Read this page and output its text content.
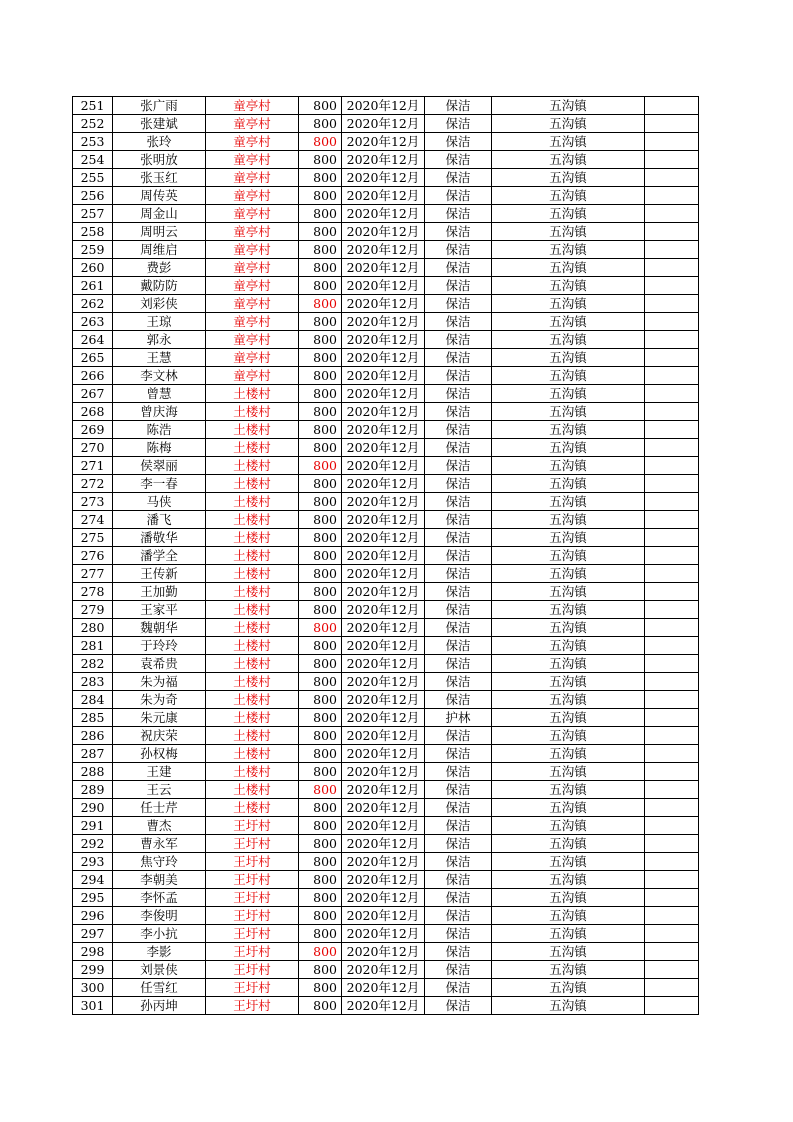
251	张广雨	童亭村	800	2020年12月	保洁	五沟镇	
252	张建斌	童亭村	800	2020年12月	保洁	五沟镇	
253	张玲	童亭村	800	2020年12月	保洁	五沟镇	
254	张明放	童亭村	800	2020年12月	保洁	五沟镇	
255	张玉红	童亭村	800	2020年12月	保洁	五沟镇	
256	周传英	童亭村	800	2020年12月	保洁	五沟镇	
257	周金山	童亭村	800	2020年12月	保洁	五沟镇	
258	周明云	童亭村	800	2020年12月	保洁	五沟镇	
259	周维启	童亭村	800	2020年12月	保洁	五沟镇	
260	费彭	童亭村	800	2020年12月	保洁	五沟镇	
261	戴防防	童亭村	800	2020年12月	保洁	五沟镇	
262	刘彩侠	童亭村	800	2020年12月	保洁	五沟镇	
263	王琼	童亭村	800	2020年12月	保洁	五沟镇	
264	郭永	童亭村	800	2020年12月	保洁	五沟镇	
265	王慧	童亭村	800	2020年12月	保洁	五沟镇	
266	李文林	童亭村	800	2020年12月	保洁	五沟镇	
267	曾慧	土楼村	800	2020年12月	保洁	五沟镇	
268	曾庆海	土楼村	800	2020年12月	保洁	五沟镇	
269	陈浩	土楼村	800	2020年12月	保洁	五沟镇	
270	陈梅	土楼村	800	2020年12月	保洁	五沟镇	
271	侯翠丽	土楼村	800	2020年12月	保洁	五沟镇	
272	李一春	土楼村	800	2020年12月	保洁	五沟镇	
273	马侠	土楼村	800	2020年12月	保洁	五沟镇	
274	潘飞	土楼村	800	2020年12月	保洁	五沟镇	
275	潘敬华	土楼村	800	2020年12月	保洁	五沟镇	
276	潘学全	土楼村	800	2020年12月	保洁	五沟镇	
277	王传新	土楼村	800	2020年12月	保洁	五沟镇	
278	王加勤	土楼村	800	2020年12月	保洁	五沟镇	
279	王家平	土楼村	800	2020年12月	保洁	五沟镇	
280	魏朝华	土楼村	800	2020年12月	保洁	五沟镇	
281	于玲玲	土楼村	800	2020年12月	保洁	五沟镇	
282	袁希贵	土楼村	800	2020年12月	保洁	五沟镇	
283	朱为福	土楼村	800	2020年12月	保洁	五沟镇	
284	朱为奇	土楼村	800	2020年12月	保洁	五沟镇	
285	朱元康	土楼村	800	2020年12月	护林	五沟镇	
286	祝庆荣	土楼村	800	2020年12月	保洁	五沟镇	
287	孙权梅	土楼村	800	2020年12月	保洁	五沟镇	
288	王建	土楼村	800	2020年12月	保洁	五沟镇	
289	王云	土楼村	800	2020年12月	保洁	五沟镇	
290	任士芹	土楼村	800	2020年12月	保洁	五沟镇	
291	曹杰	王圩村	800	2020年12月	保洁	五沟镇	
292	曹永军	王圩村	800	2020年12月	保洁	五沟镇	
293	焦守玲	王圩村	800	2020年12月	保洁	五沟镇	
294	李朝美	王圩村	800	2020年12月	保洁	五沟镇	
295	李怀孟	王圩村	800	2020年12月	保洁	五沟镇	
296	李俊明	王圩村	800	2020年12月	保洁	五沟镇	
297	李小抗	王圩村	800	2020年12月	保洁	五沟镇	
298	李影	王圩村	800	2020年12月	保洁	五沟镇	
299	刘景侠	王圩村	800	2020年12月	保洁	五沟镇	
300	任雪红	王圩村	800	2020年12月	保洁	五沟镇	
301	孙丙坤	王圩村	800	2020年12月	保洁	五沟镇	
